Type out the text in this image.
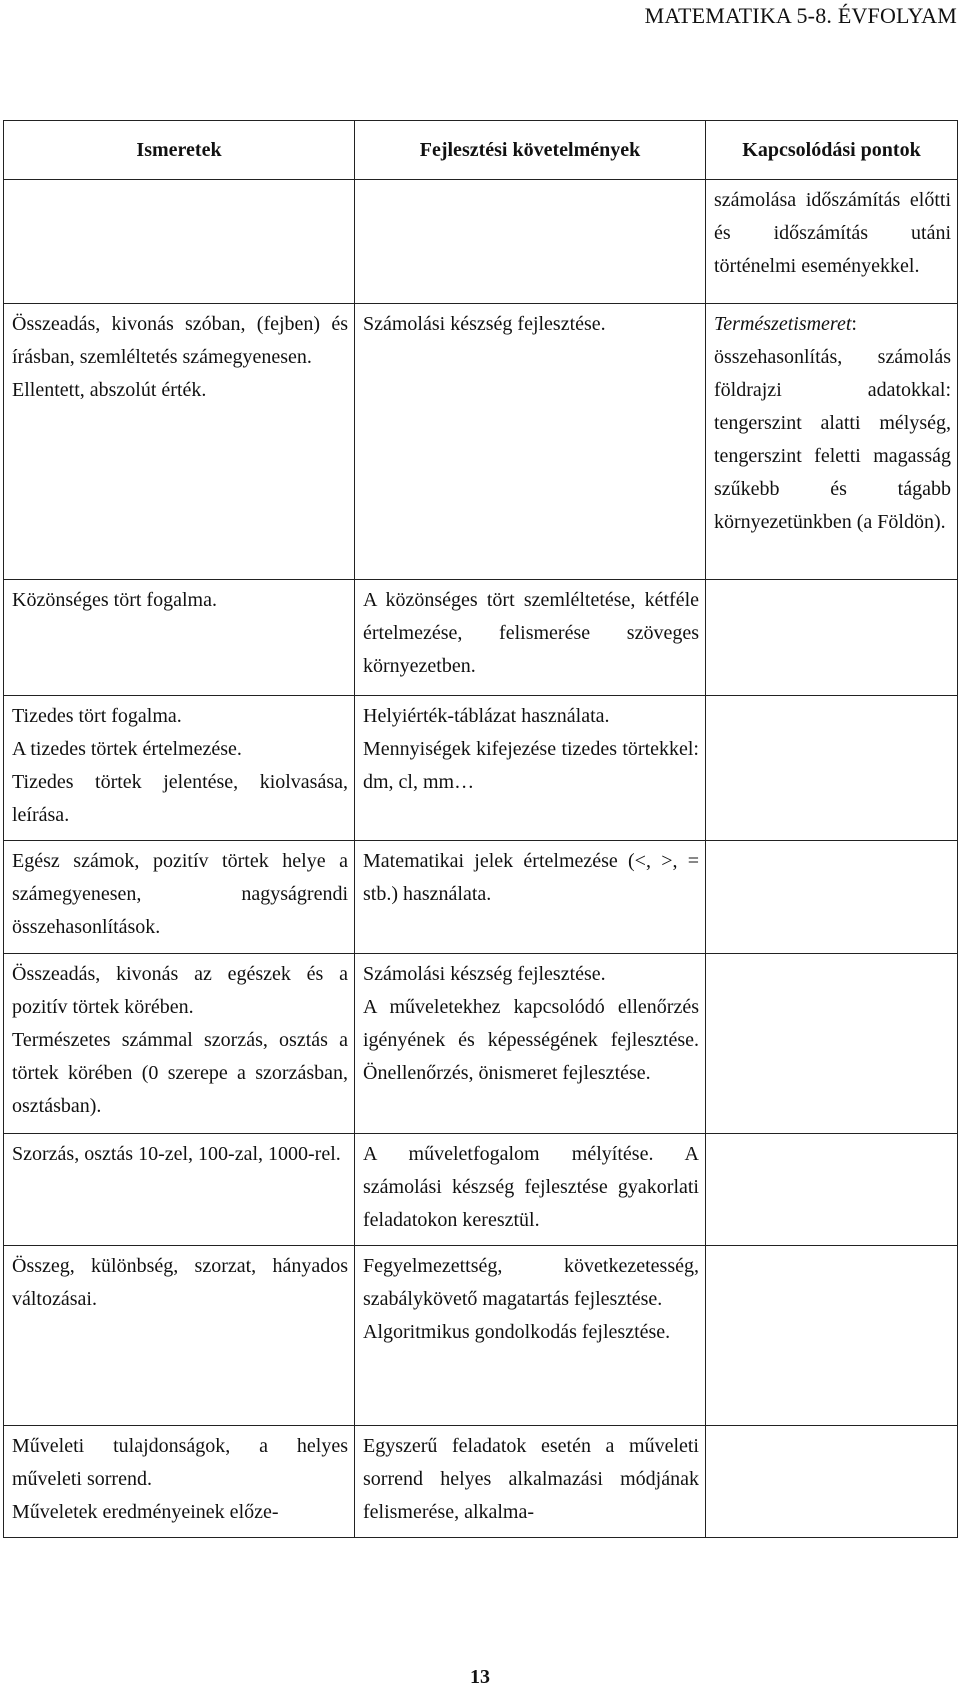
MATEMATIKA 5-8. ÉVFOLYAM
Ismeretek	Fejlesztési követelmények	Kapcsolódási pontok

		számolása időszámítás előtti és időszámítás utáni történelmi eseményekkel.

Összeadás, kivonás szóban, (fejben) és írásban, szemléltetés számegyenesen.
Ellentett, abszolút érték.	Számolási készség fejlesztése.	Természetismeret: összehasonlítás, számolás földrajzi adatokkal: tengerszint alatti mélység, tengerszint feletti magasság szűkebb és tágabb környezetünkben (a Földön).

Közönséges tört fogalma.	A közönséges tört szemléltetése, kétféle értelmezése, felismerése szöveges környezetben.	

Tizedes tört fogalma.
A tizedes törtek értelmezése.
Tizedes törtek jelentése, kiolvasása, leírása.	Helyiérték-táblázat használata.
Mennyiségek kifejezése tizedes törtekkel: dm, cl, mm…	

Egész számok, pozitív törtek helye a számegyenesen, nagyságrendi összehasonlítások.	Matematikai jelek értelmezése (<, >, = stb.) használata.	

Összeadás, kivonás az egészek és a pozitív törtek körében.
Természetes számmal szorzás, osztás a törtek körében (0 szerepe a szorzásban, osztásban).	Számolási készség fejlesztése.
A műveletekhez kapcsolódó ellenőrzés igényének és képességének fejlesztése. Önellenőrzés, önismeret fejlesztése.	

Szorzás, osztás 10-zel, 100-zal, 1000-rel.	A műveletfogalom mélyítése. A számolási készség fejlesztése gyakorlati feladatokon keresztül.	

Összeg, különbség, szorzat, hányados változásai.	Fegyelmezettség, következetesség, szabálykövető magatartás fejlesztése.
Algoritmikus gondolkodás fejlesztése.	

Műveleti tulajdonságok, a helyes műveleti sorrend.
Műveletek eredményeinek előze-	Egyszerű feladatok esetén a műveleti sorrend helyes alkalmazási módjának felismerése, alkalma-	

13
